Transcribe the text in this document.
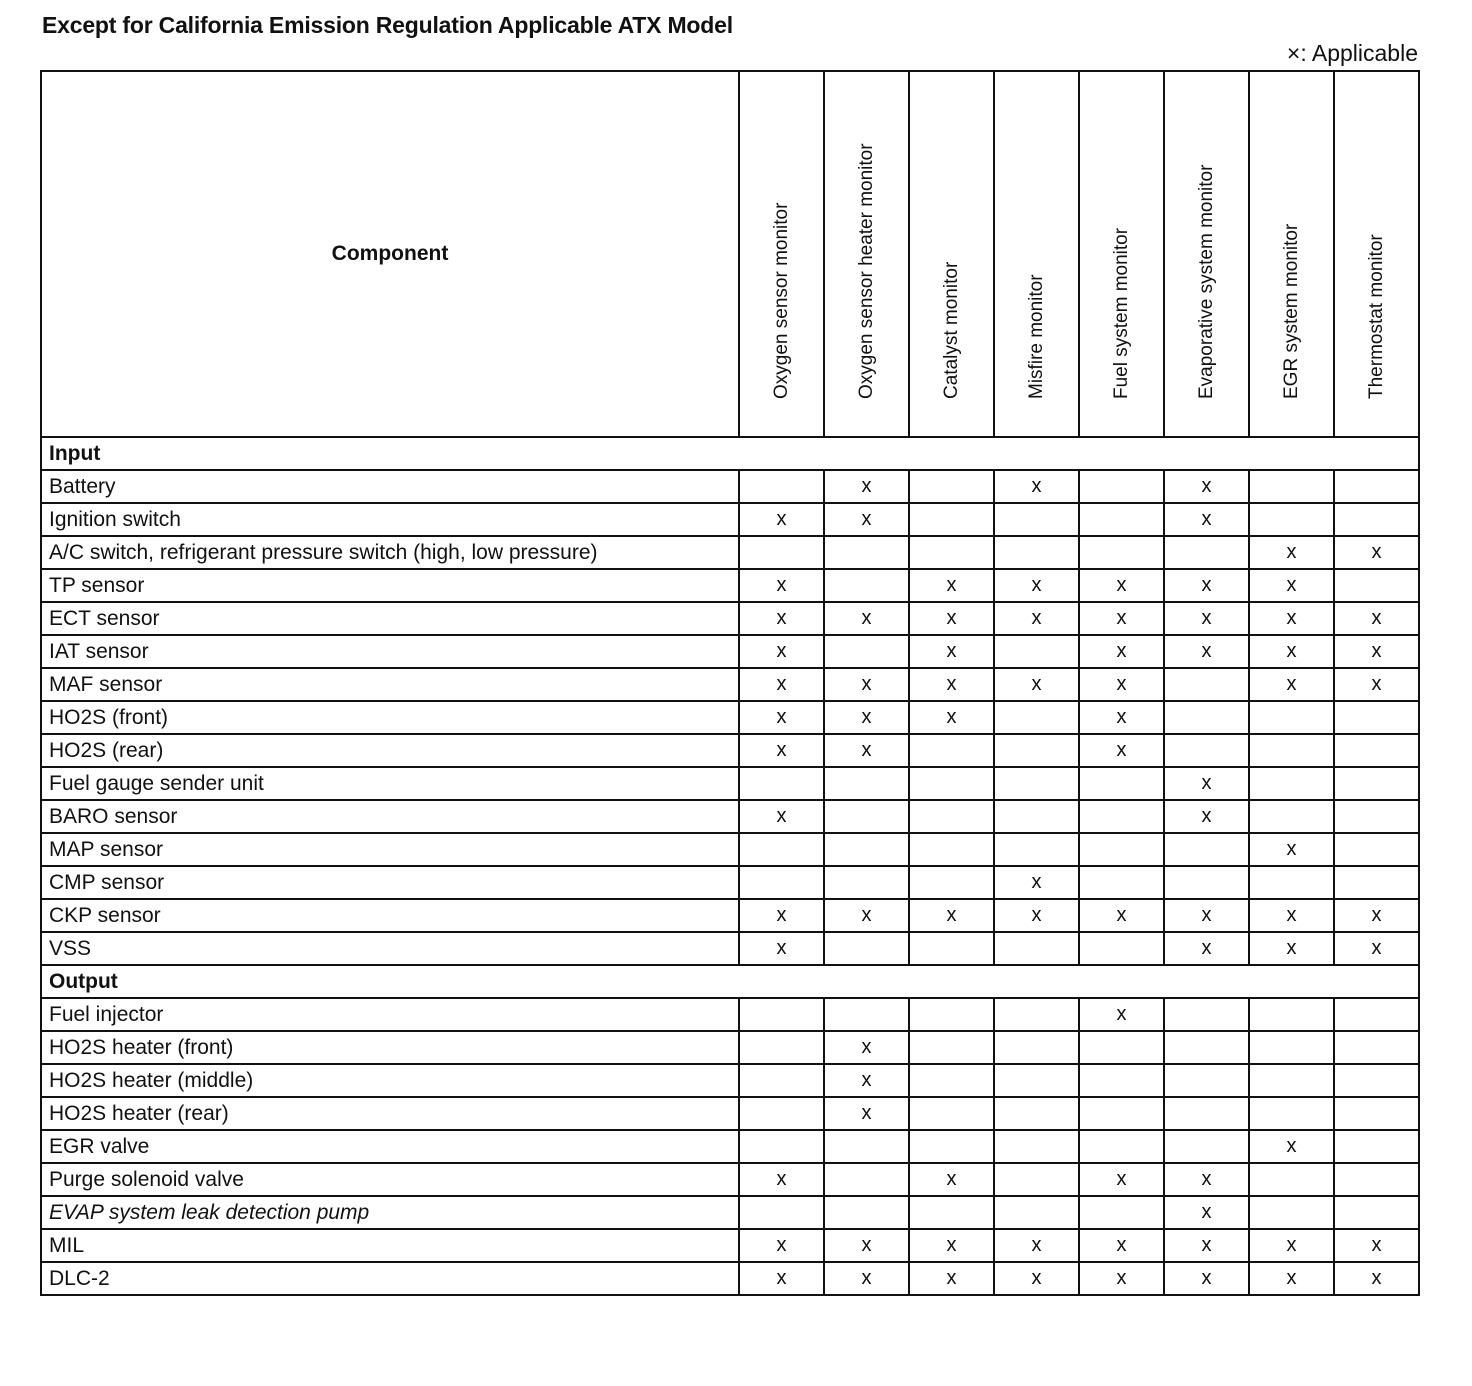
Except for California Emission Regulation Applicable ATX Model
×: Applicable
Component	Oxygen sensor monitor	Oxygen sensor heater monitor	Catalyst monitor	Misfire monitor	Fuel system monitor	Evaporative system monitor	EGR system monitor	Thermostat monitor

Input								
Battery		x		x		x		
Ignition switch	x	x				x		
A/C switch, refrigerant pressure switch (high, low pressure)							x	x
TP sensor	x		x	x	x	x	x	
ECT sensor	x	x	x	x	x	x	x	x
IAT sensor	x		x		x	x	x	x
MAF sensor	x	x	x	x	x		x	x
HO2S (front)	x	x	x		x			
HO2S (rear)	x	x			x			
Fuel gauge sender unit						x		
BARO sensor	x					x		
MAP sensor							x	
CMP sensor				x				
CKP sensor	x	x	x	x	x	x	x	x
VSS	x					x	x	x
Output								
Fuel injector					x			
HO2S heater (front)		x						
HO2S heater (middle)		x						
HO2S heater (rear)		x						
EGR valve							x	
Purge solenoid valve	x		x		x	x		
EVAP system leak detection pump						x		
MIL	x	x	x	x	x	x	x	x
DLC-2	x	x	x	x	x	x	x	x
